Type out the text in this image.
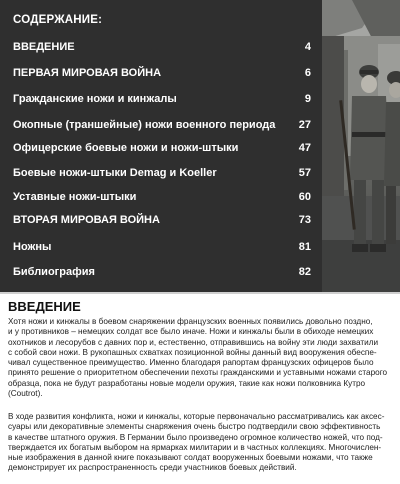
СОДЕРЖАНИЕ:
ВВЕДЕНИЕ	4
ПЕРВАЯ МИРОВАЯ ВОЙНА	6
Гражданские ножи и кинжалы	9
Окопные (траншейные) ножи военного периода 27
Офицерские боевые ножи и ножи-штыки	47
Боевые ножи-штыки Demag и Koeller	57
Уставные ножи-штыки	60
ВТОРАЯ МИРОВАЯ ВОЙНА	73
Ножны	81
Библиография	82
ВВЕДЕНИЕ
Хотя ножи и кинжалы в боевом снаряжении французских военных появились довольно поздно,
и у противников – немецких солдат все было иначе. Ножи и кинжалы были в обиходе немецких
охотников и лесорубов с давних пор и, естественно, отправившись на войну эти люди захватили
с собой свои ножи. В рукопашных схватках позиционной войны данный вид вооружения обеспе-
чивал существенное преимущество. Именно благодаря рапортам французских офицеров было
принято решение о приоритетном обеспечении пехоты гражданскими и уставными ножами старого
образца, пока не будут разработаны новые модели оружия, такие как ножи полковника Кутро
(Coutrot).
В ходе развития конфликта, ножи и кинжалы, которые первоначально рассматривались как аксес-
суары или декоративные элементы снаряжения очень быстро подтвердили свою эффективность
в качестве штатного оружия. В Германии было произведено огромное количество ножей, что под-
тверждается их богатым выбором на ярмарках милитарии и в частных коллекциях. Многочислен-
ные изображения в данной книге показывают солдат вооруженных боевыми ножами, что также
демонстрирует их распространенность среди участников боевых действий.
